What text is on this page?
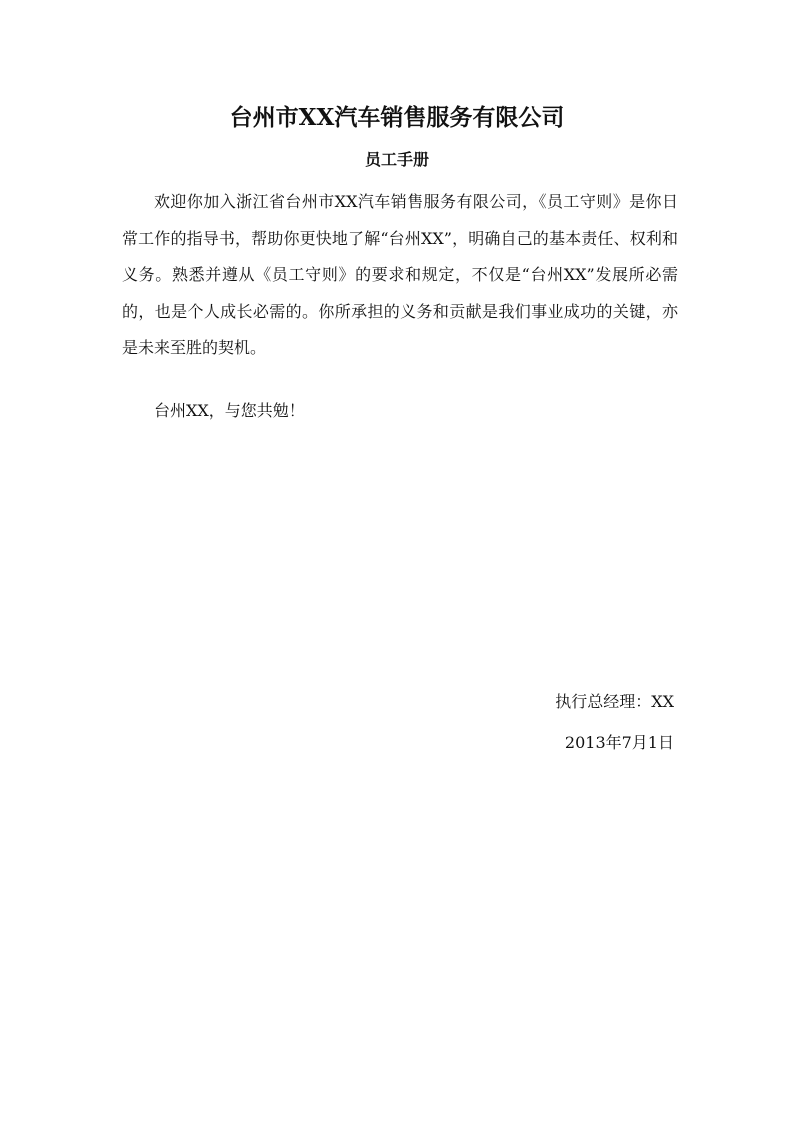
台州市XX汽车销售服务有限公司
员工手册

欢迎你加入浙江省台州市XX汽车销售服务有限公司，《员工守则》是你日常工作的指导书，帮助你更快地了解“台州XX”，明确自己的基本责任、权利和义务。熟悉并遵从《员工守则》的要求和规定，不仅是“台州XX”发展所必需的，也是个人成长必需的。你所承担的义务和贡献是我们事业成功的关键，亦是未来至胜的契机。

台州XX，与您共勉！
执行总经理：XX
2013年7月1日
